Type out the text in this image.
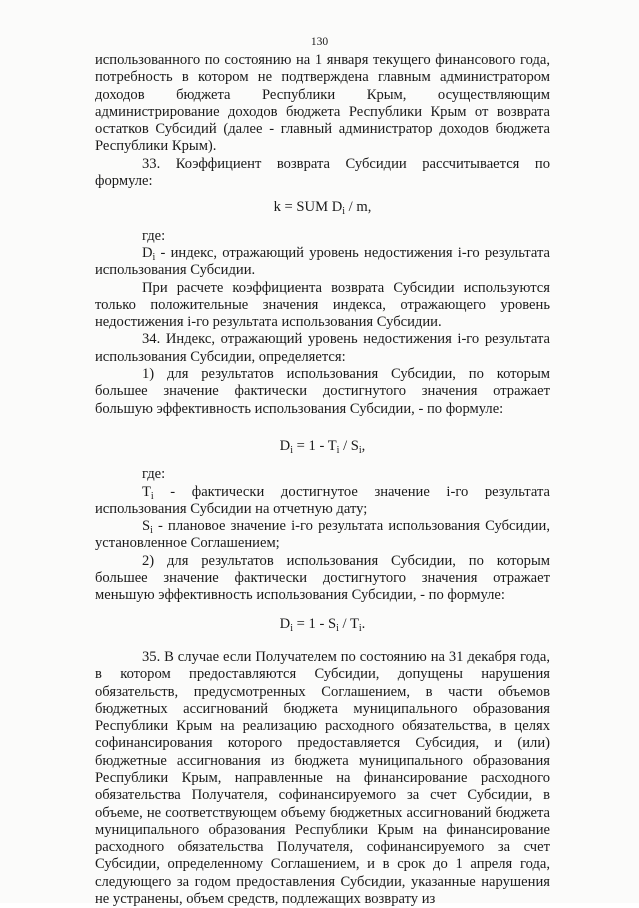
130

использованного по состоянию на 1 января текущего финансового года, потребность в котором не подтверждена главным администратором доходов бюджета Республики Крым, осуществляющим администрирование доходов бюджета Республики Крым от возврата остатков Субсидий (далее - главный администратор доходов бюджета Республики Крым).

33. Коэффициент возврата Субсидии рассчитывается по формуле:

k = SUM $D_i$ / m,

где:

$D_i$ - индекс, отражающий уровень недостижения i-го результата использования Субсидии.

При расчете коэффициента возврата Субсидии используются только положительные значения индекса, отражающего уровень недостижения i-го результата использования Субсидии.

34. Индекс, отражающий уровень недостижения i-го результата использования Субсидии, определяется:

1) для результатов использования Субсидии, по которым большее значение фактически достигнутого значения отражает большую эффективность использования Субсидии, - по формуле:

$D_i = 1 - T_i / S_i$,

где:

$T_i$ - фактически достигнутое значение i-го результата использования Субсидии на отчетную дату;

$S_i$ - плановое значение i-го результата использования Субсидии, установленное Соглашением;

2) для результатов использования Субсидии, по которым большее значение фактически достигнутого значения отражает меньшую эффективность использования Субсидии, - по формуле:

$D_i = 1 - S_i / T_i$.

35. В случае если Получателем по состоянию на 31 декабря года, в котором предоставляются Субсидии, допущены нарушения обязательств, предусмотренных Соглашением, в части объемов бюджетных ассигнований бюджета муниципального образования Республики Крым на реализацию расходного обязательства, в целях софинансирования которого предоставляется Субсидия, и (или) бюджетные ассигнования из бюджета муниципального образования Республики Крым, направленные на финансирование расходного обязательства Получателя, софинансируемого за счет Субсидии, в объеме, не соответствующем объему бюджетных ассигнований бюджета муниципального образования Республики Крым на финансирование расходного обязательства Получателя, софинансируемого за счет Субсидии, определенному Соглашением, и в срок до 1 апреля года, следующего за годом предоставления Субсидии, указанные нарушения не устранены, объем средств, подлежащих возврату из
